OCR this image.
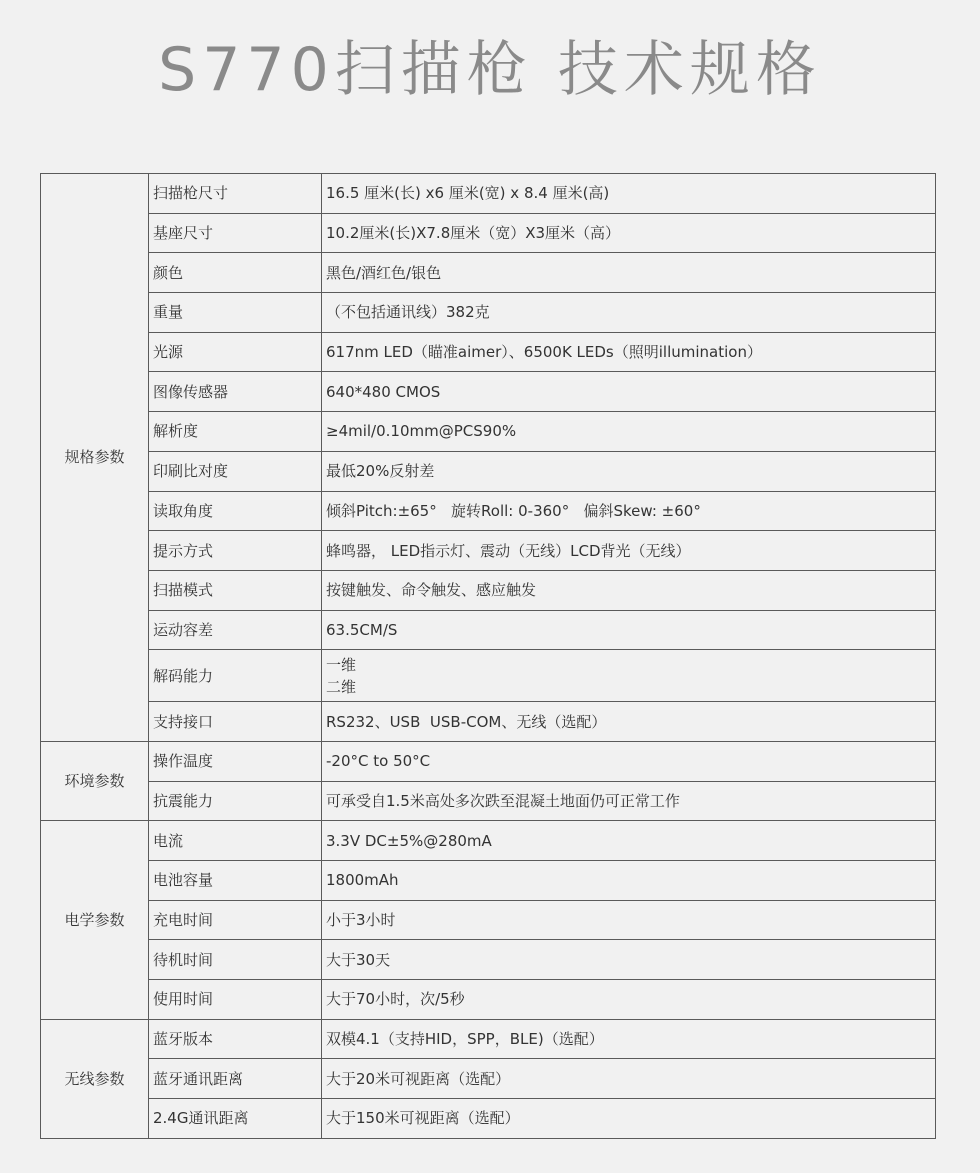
S770扫描枪 技术规格
规格参数	扫描枪尺寸	16.5 厘米(长) x6 厘米(宽) x 8.4 厘米(高)
	基座尺寸	10.2厘米(长)X7.8厘米（宽）X3厘米（高）
	颜色	黑色/酒红色/银色
	重量	（不包括通讯线）382克
	光源	617nm LED（瞄准aimer）、6500K LEDs（照明illumination）
	图像传感器	640*480 CMOS
	解析度	≥4mil/0.10mm@PCS90%
	印刷比对度	最低20%反射差
	读取角度	倾斜Pitch:±65°   旋转Roll: 0-360°   偏斜Skew: ±60°
	提示方式	蜂鸣器， LED指示灯、震动（无线）LCD背光（无线）
	扫描模式	按键触发、命令触发、感应触发
	运动容差	63.5CM/S
	解码能力	一维
二维

	支持接口	RS232、USB  USB-COM、无线（选配）
环境参数	操作温度	-20°C to 50°C
	抗震能力	可承受自1.5米高处多次跌至混凝土地面仍可正常工作
电学参数	电流	3.3V DC±5%@280mA
	电池容量	1800mAh
	充电时间	小于3小时
	待机时间	大于30天
	使用时间	大于70小时，次/5秒
无线参数	蓝牙版本	双模4.1（支持HID，SPP，BLE)（选配）
	蓝牙通讯距离	大于20米可视距离（选配）
	2.4G通讯距离	大于150米可视距离（选配）
